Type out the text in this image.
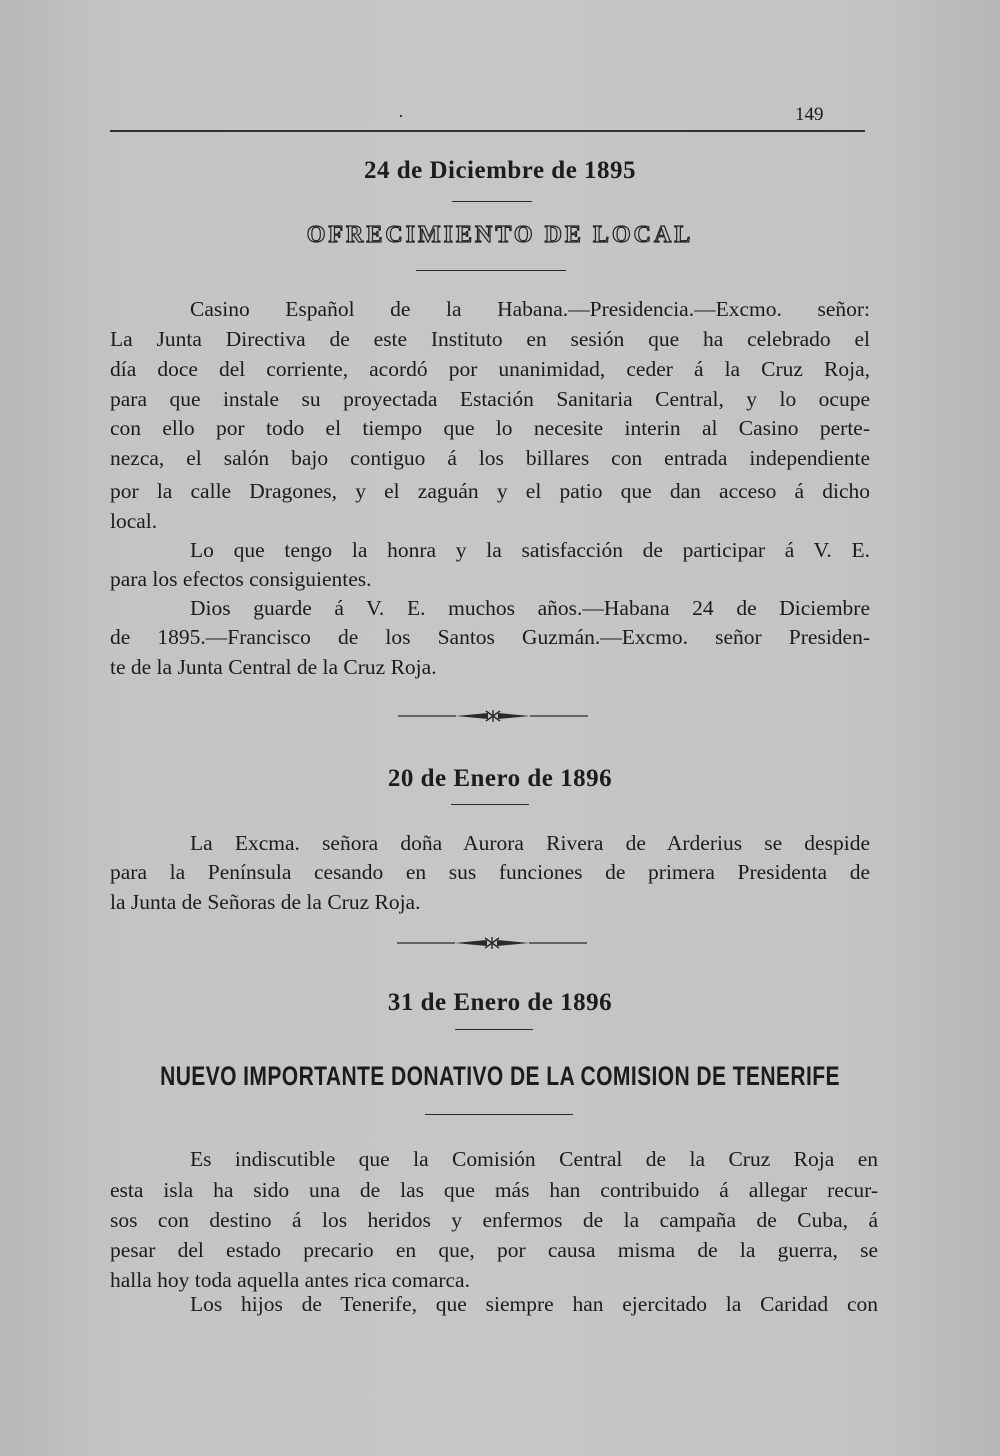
·	149
24 de Diciembre de 1895
OFRECIMIENTO DE LOCAL
Casino Español de la Habana.—Presidencia.—Excmo. señor:
La Junta Directiva de este Instituto en sesión que ha celebrado el
día doce del corriente, acordó por unanimidad, ceder á la Cruz Roja,
para que instale su proyectada Estación Sanitaria Central, y lo ocupe
con ello por todo el tiempo que lo necesite interin al Casino perte-
nezca, el salón bajo contiguo á los billares con entrada independiente
por la calle Dragones, y el zaguán y el patio que dan acceso á dicho
local.
Lo que tengo la honra y la satisfacción de participar á V. E.
para los efectos consiguientes.
Dios guarde á V. E. muchos años.—Habana 24 de Diciembre
de 1895.—Francisco de los Santos Guzmán.—Excmo. señor Presiden-
te de la Junta Central de la Cruz Roja.
20 de Enero de 1896
La Excma. señora doña Aurora Rivera de Arderius se despide
para la Península cesando en sus funciones de primera Presidenta de
la Junta de Señoras de la Cruz Roja.
31 de Enero de 1896
NUEVO IMPORTANTE DONATIVO DE LA COMISION DE TENERIFE
Es indiscutible que la Comisión Central de la Cruz Roja en
esta isla ha sido una de las que más han contribuido á allegar recur-
sos con destino á los heridos y enfermos de la campaña de Cuba, á
pesar del estado precario en que, por causa misma de la guerra, se
halla hoy toda aquella antes rica comarca.
Los hijos de Tenerife, que siempre han ejercitado la Caridad con
